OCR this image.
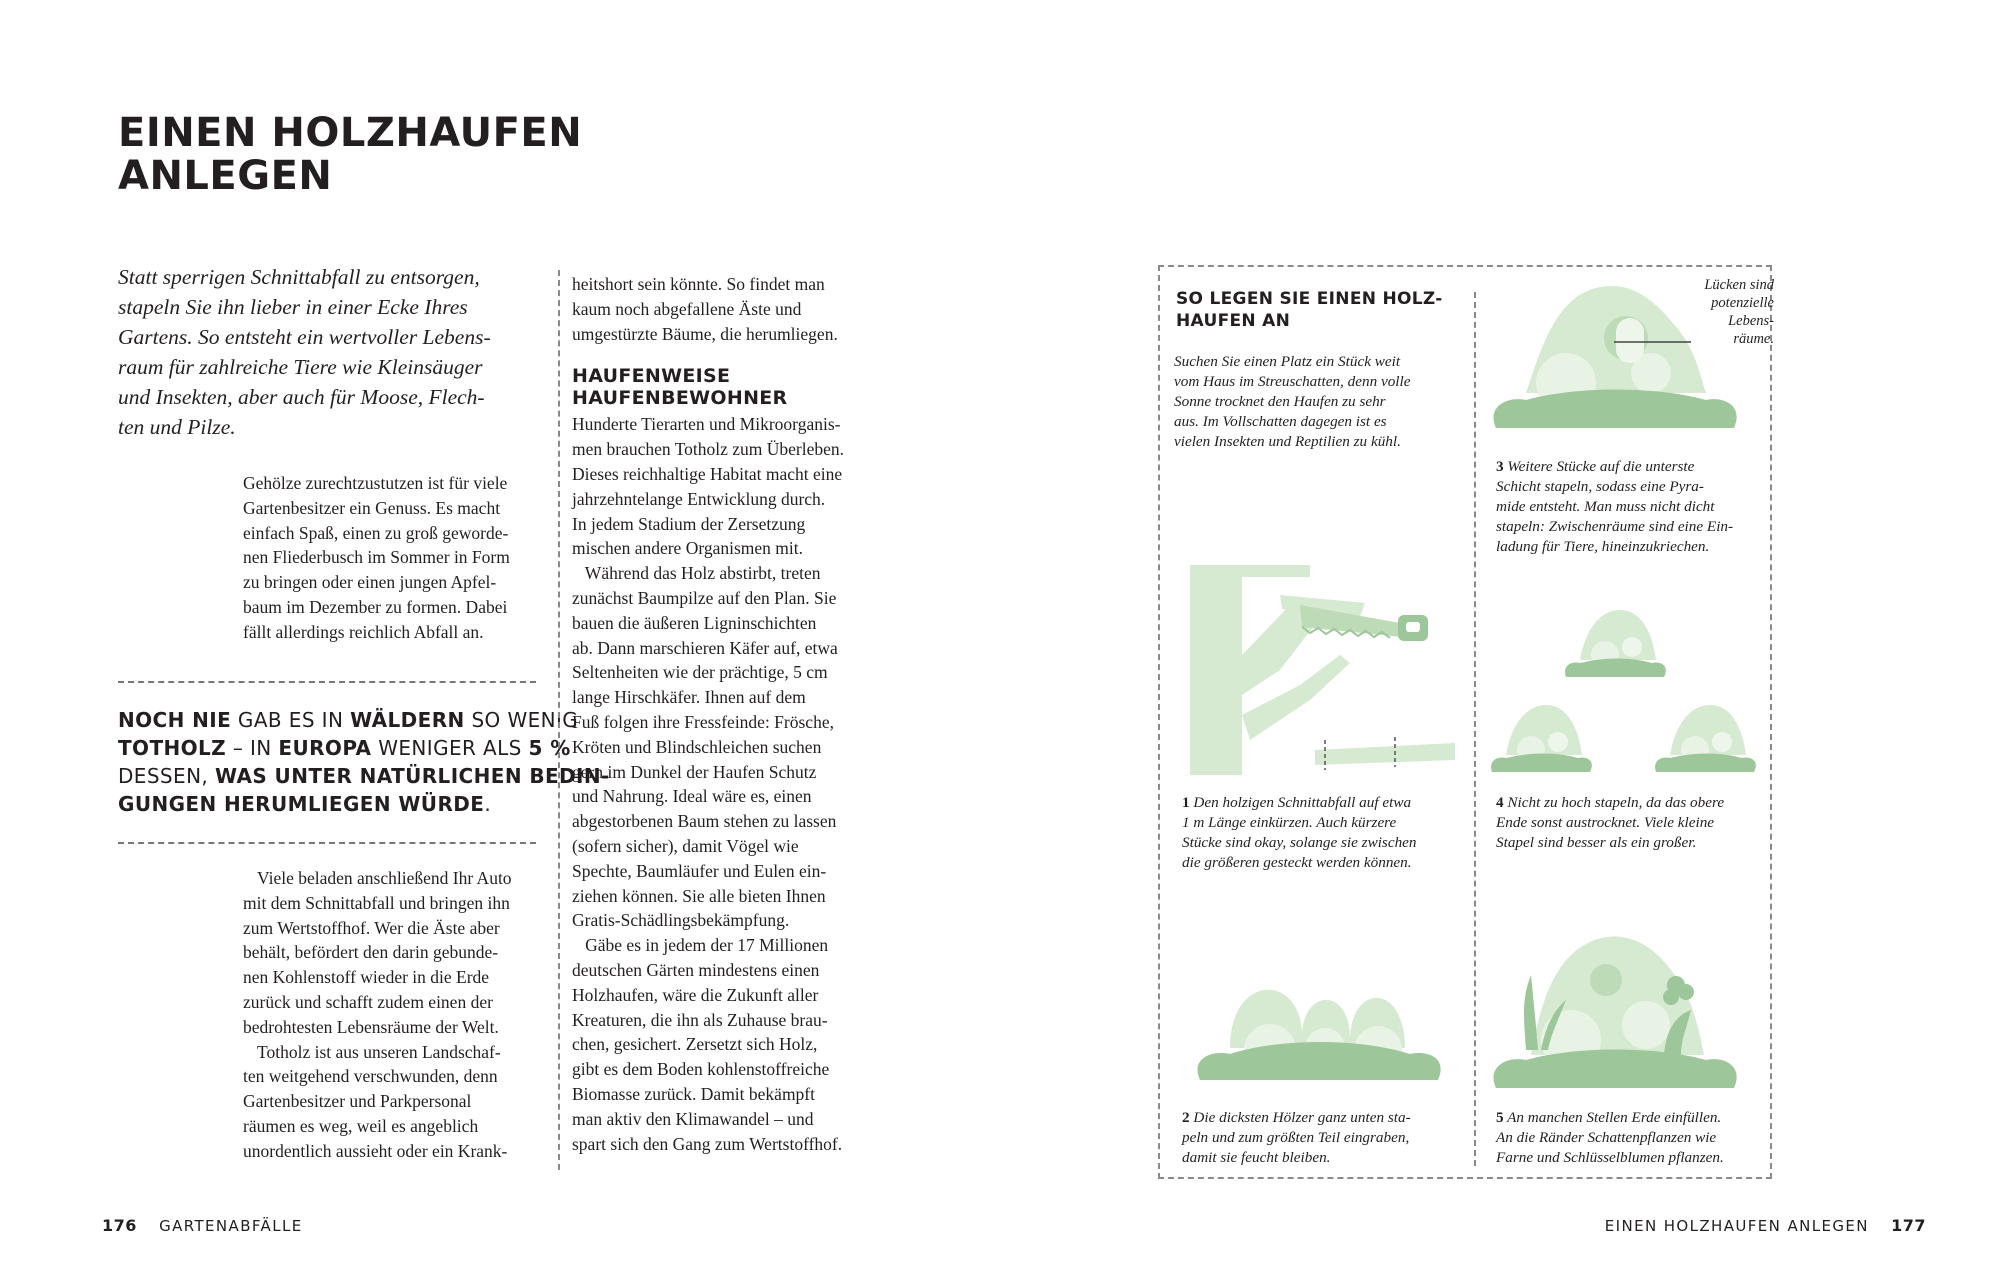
EINEN HOLZHAUFEN
ANLEGEN
Statt sperrigen Schnittabfall zu entsorgen,
stapeln Sie ihn lieber in einer Ecke Ihres
Gartens. So entsteht ein wertvoller Lebens-
raum für zahlreiche Tiere wie Kleinsäuger
und Insekten, aber auch für Moose, Flech-
ten und Pilze.
Gehölze zurechtzustutzen ist für viele
Gartenbesitzer ein Genuss. Es macht
einfach Spaß, einen zu groß geworde-
nen Fliederbusch im Sommer in Form
zu bringen oder einen jungen Apfel-
baum im Dezember zu formen. Dabei
fällt allerdings reichlich Abfall an.
NOCH NIE GAB ES IN WÄLDERN SO WENIG
TOTHOLZ – IN EUROPA WENIGER ALS 5 %
DESSEN, WAS UNTER NATÜRLICHEN BEDIN-
GUNGEN HERUMLIEGEN WÜRDE.
Viele beladen anschließend Ihr Auto
mit dem Schnittabfall und bringen ihn
zum Wertstoffhof. Wer die Äste aber
behält, befördert den darin gebunde-
nen Kohlenstoff wieder in die Erde
zurück und schafft zudem einen der
bedrohtesten Lebensräume der Welt.
Totholz ist aus unseren Landschaf-
ten weitgehend verschwunden, denn
Gartenbesitzer und Parkpersonal
räumen es weg, weil es angeblich
unordentlich aussieht oder ein Krank-
heitshort sein könnte. So findet man
kaum noch abgefallene Äste und
umgestürzte Bäume, die herumliegen.
HAUFENWEISE
HAUFENBEWOHNER
Hunderte Tierarten und Mikroorganis-
men brauchen Totholz zum Überleben.
Dieses reichhaltige Habitat macht eine
jahrzehntelange Entwicklung durch.
In jedem Stadium der Zersetzung
mischen andere Organismen mit.
Während das Holz abstirbt, treten
zunächst Baumpilze auf den Plan. Sie
bauen die äußeren Ligninschichten
ab. Dann marschieren Käfer auf, etwa
Seltenheiten wie der prächtige, 5 cm
lange Hirschkäfer. Ihnen auf dem
Fuß folgen ihre Fressfeinde: Frösche,
Kröten und Blindschleichen suchen
gern im Dunkel der Haufen Schutz
und Nahrung. Ideal wäre es, einen
abgestorbenen Baum stehen zu lassen
(sofern sicher), damit Vögel wie
Spechte, Baumläufer und Eulen ein-
ziehen können. Sie alle bieten Ihnen
Gratis-Schädlingsbekämpfung.
Gäbe es in jedem der 17 Millionen
deutschen Gärten mindestens einen
Holzhaufen, wäre die Zukunft aller
Kreaturen, die ihn als Zuhause brau-
chen, gesichert. Zersetzt sich Holz,
gibt es dem Boden kohlenstoffreiche
Biomasse zurück. Damit bekämpft
man aktiv den Klimawandel – und
spart sich den Gang zum Wertstoffhof.
SO LEGEN SIE EINEN HOLZ-
HAUFEN AN
Suchen Sie einen Platz ein Stück weit
vom Haus im Streuschatten, denn volle
Sonne trocknet den Haufen zu sehr
aus. Im Vollschatten dagegen ist es
vielen Insekten und Reptilien zu kühl.
Lücken sind
potenzielle
Lebens-
räume.
1 Den holzigen Schnittabfall auf etwa
1 m Länge einkürzen. Auch kürzere
Stücke sind okay, solange sie zwischen
die größeren gesteckt werden können.
2 Die dicksten Hölzer ganz unten sta-
peln und zum größten Teil eingraben,
damit sie feucht bleiben.
3 Weitere Stücke auf die unterste
Schicht stapeln, sodass eine Pyra-
mide entsteht. Man muss nicht dicht
stapeln: Zwischenräume sind eine Ein-
ladung für Tiere, hineinzukriechen.
4 Nicht zu hoch stapeln, da das obere
Ende sonst austrocknet. Viele kleine
Stapel sind besser als ein großer.
5 An manchen Stellen Erde einfüllen.
An die Ränder Schattenpflanzen wie
Farne und Schlüsselblumen pflanzen.
176 GARTENABFÄLLE	EINEN HOLZHAUFEN ANLEGEN 177
